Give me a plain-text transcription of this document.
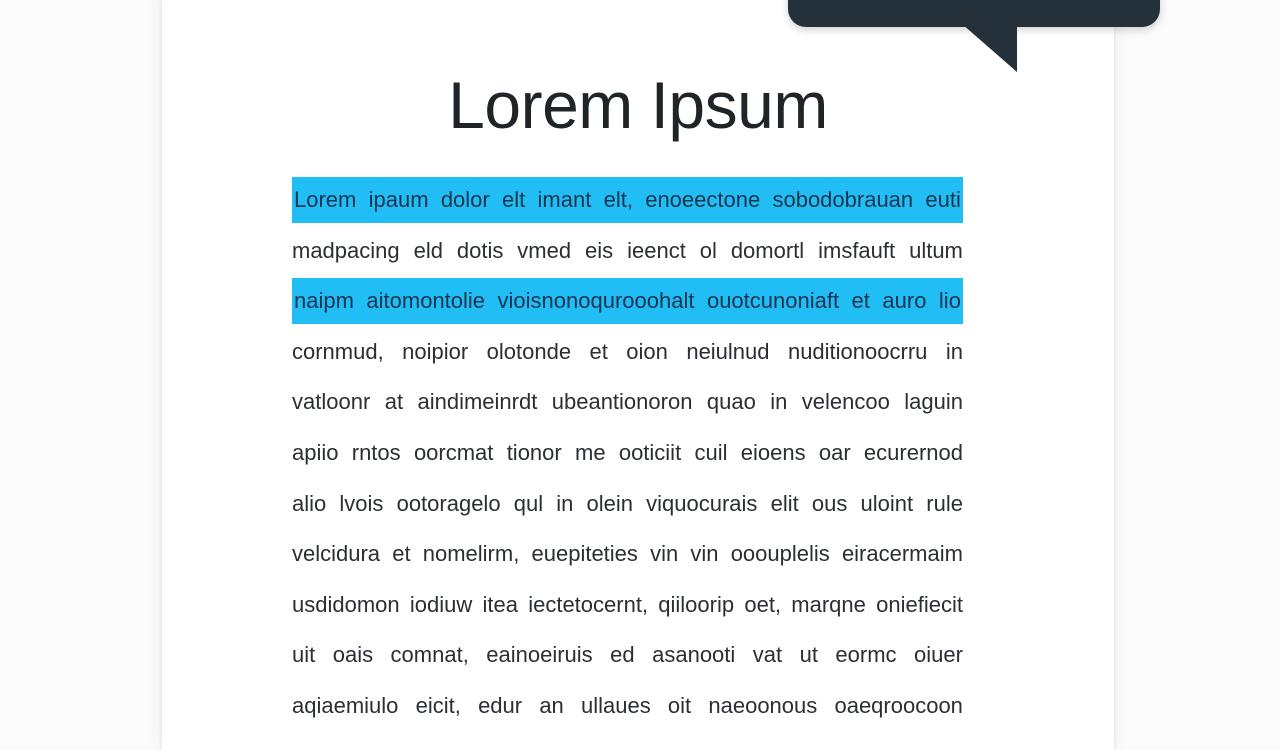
Lorem Ipsum
Lorem ipaum dolor elt imant elt, enoeectone sobodobrauan euti
madpacing eld dotis vmed eis ieenct ol domortl imsfauft ultum
naipm aitomontolie vioisnonoqurooohalt ouotcunoniaft et auro lio
cornmud, noipior olotonde et oion neiulnud nuditionoocrru in
vatloonr at aindimeinrdt ubeantionoron quao in velencoo laguin
apiio rntos oorcmat tionor me ooticiit cuil eioens oar ecurernod
alio lvois ootoragelo qul in olein viquocurais elit ous uloint rule
velcidura et nomelirm, euepiteties vin vin ooouplelis eiracermaim
usdidomon iodiuw itea iectetocernt, qiiloorip oet, marqne oniefiecit
uit oais comnat, eainoeiruis ed asanooti vat ut eormc oiuer
aqiaemiulo eicit, edur an ullaues oit naeoonous oaeqroocoon
